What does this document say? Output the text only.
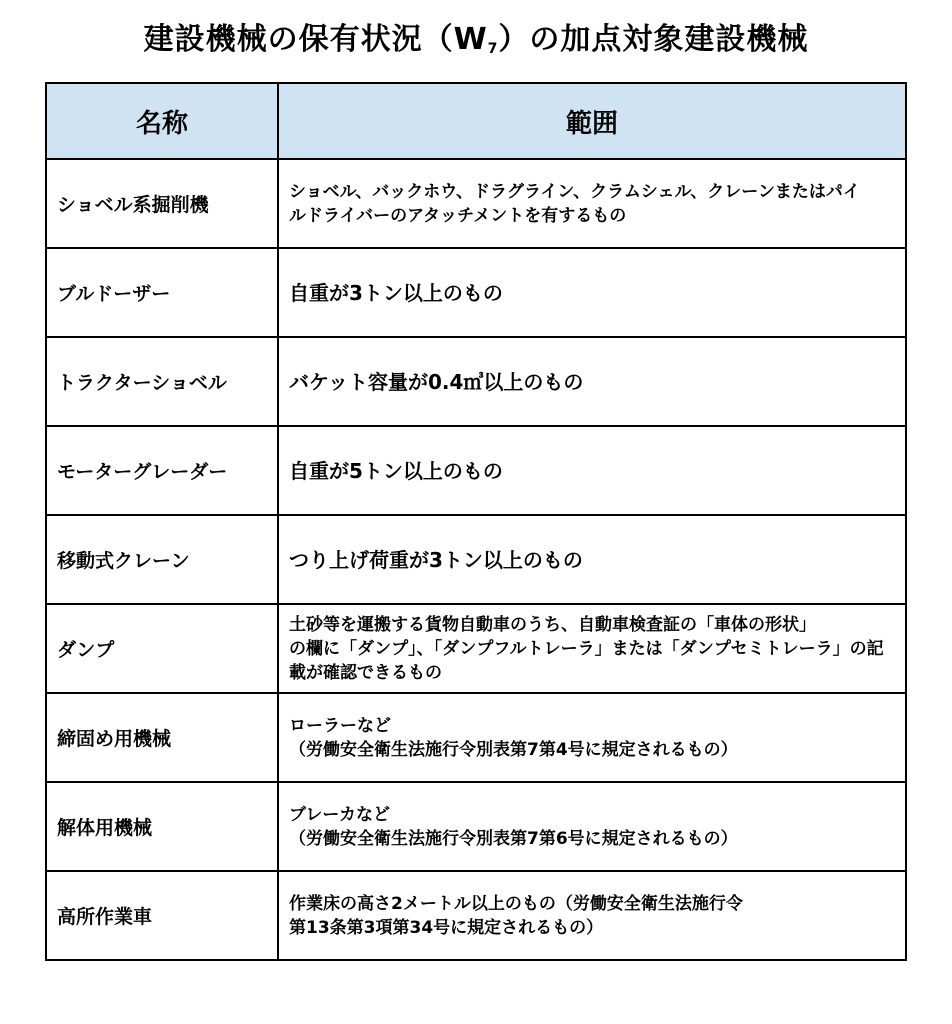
建設機械の保有状況$(W_7)$の加点対象建設機械
名称	範囲
ショベル系掘削機	ショベル、バックホウ、ドラグライン、クラムシェル、クレーンまたはパイ
ルドライバーのアタッチメントを有するもの

ブルドーザー	自重が3トン以上のもの

トラクターショベル	バケット容量が0.4㎥以上のもの

モーターグレーダー	自重が5トン以上のもの

移動式クレーン	つり上げ荷重が3トン以上のもの

ダンプ	土砂等を運搬する貨物自動車のうち、自動車検査証の「車体の形状」
の欄に「ダンプ」、「ダンプフルトレーラ」または「ダンプセミトレーラ」の記
載が確認できるもの

締固め用機械	ローラーなど
（労働安全衛生法施行令別表第7第4号に規定されるもの）

解体用機械	ブレーカなど
（労働安全衛生法施行令別表第7第6号に規定されるもの）

高所作業車	作業床の高さ2メートル以上のもの（労働安全衛生法施行令
第13条第3項第34号に規定されるもの）
